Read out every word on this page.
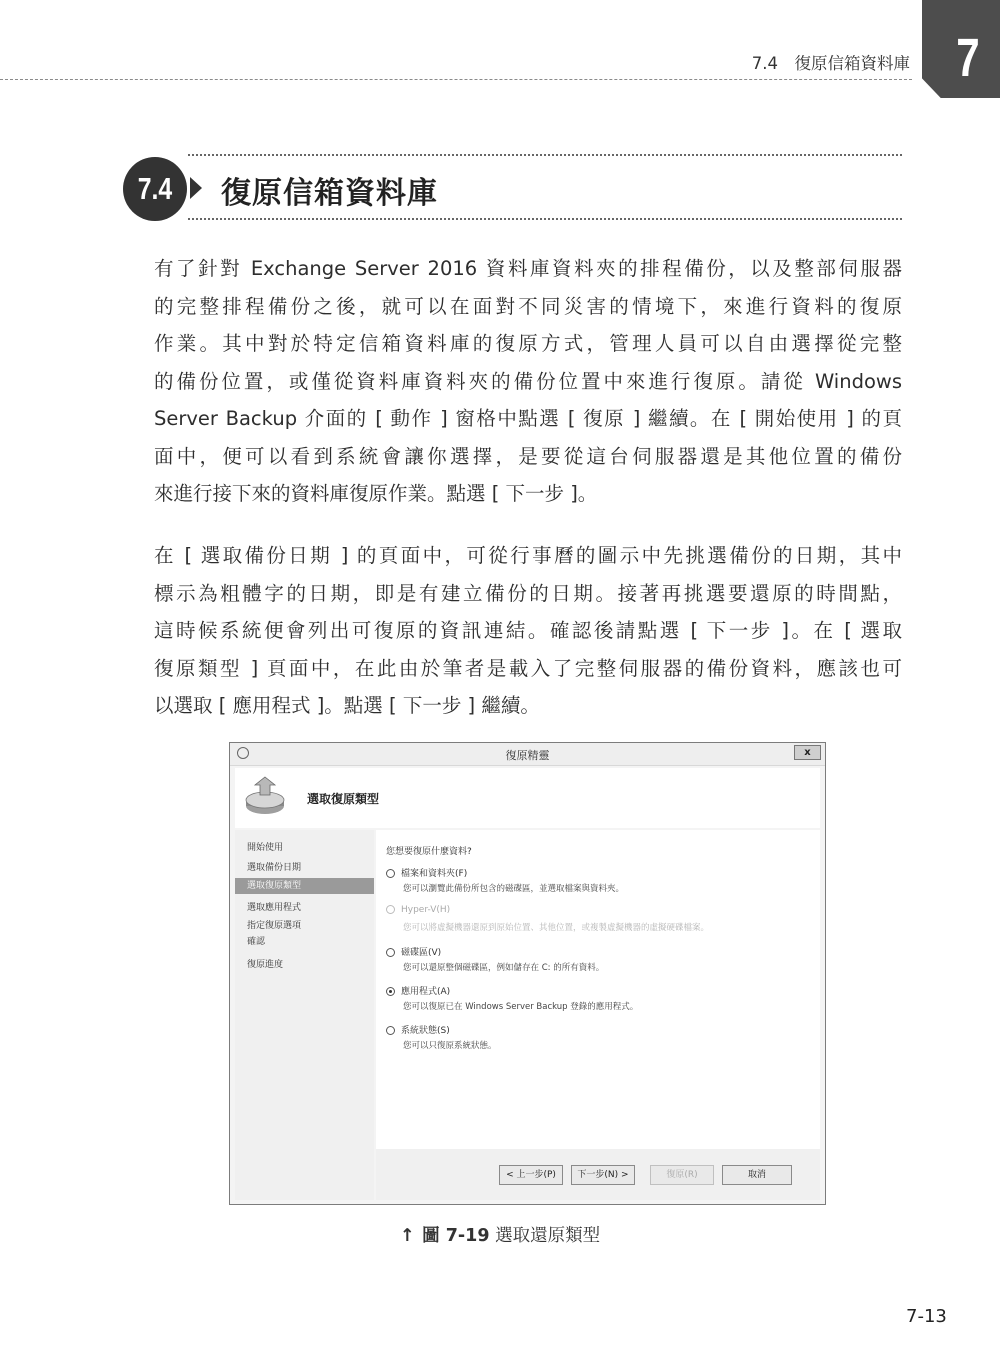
7.4　復原信箱資料庫 7
7.4 復原信箱資料庫
有了針對 Exchange Server 2016 資料庫資料夾的排程備份，以及整部伺服器
的完整排程備份之後，就可以在面對不同災害的情境下，來進行資料的復原
作業。其中對於特定信箱資料庫的復原方式，管理人員可以自由選擇從完整
的備份位置，或僅從資料庫資料夾的備份位置中來進行復原。請從 Windows
Server Backup 介面的 [ 動作 ] 窗格中點選 [ 復原 ] 繼續。在 [ 開始使用 ] 的頁
面中，便可以看到系統會讓你選擇，是要從這台伺服器還是其他位置的備份
來進行接下來的資料庫復原作業。點選 [ 下一步 ]。
在 [ 選取備份日期 ] 的頁面中，可從行事曆的圖示中先挑選備份的日期，其中
標示為粗體字的日期，即是有建立備份的日期。接著再挑選要還原的時間點，
這時候系統便會列出可復原的資訊連結。確認後請點選 [ 下一步 ]。在 [ 選取
復原類型 ] 頁面中，在此由於筆者是載入了完整伺服器的備份資料，應該也可
以選取 [ 應用程式 ]。點選 [ 下一步 ] 繼續。
復原精靈	x
選取復原類型
開始使用
選取備份日期
選取復原類型
選取應用程式
指定復原選項
確認
復原進度
您想要復原什麼資料?
檔案和資料夾(F)
您可以瀏覽此備份所包含的磁碟區，並選取檔案與資料夾。
Hyper-V(H)
您可以將虛擬機器還原到原始位置、其他位置，或複製虛擬機器的虛擬硬碟檔案。
磁碟區(V)
您可以還原整個磁碟區，例如儲存在 C: 的所有資料。
應用程式(A)
您可以復原已在 Windows Server Backup 登錄的應用程式。
系統狀態(S)
您可以只復原系統狀態。
< 上一步(P)	下一步(N) >	復原(R)	取消
↑ 圖 7-19 選取還原類型
7-13
